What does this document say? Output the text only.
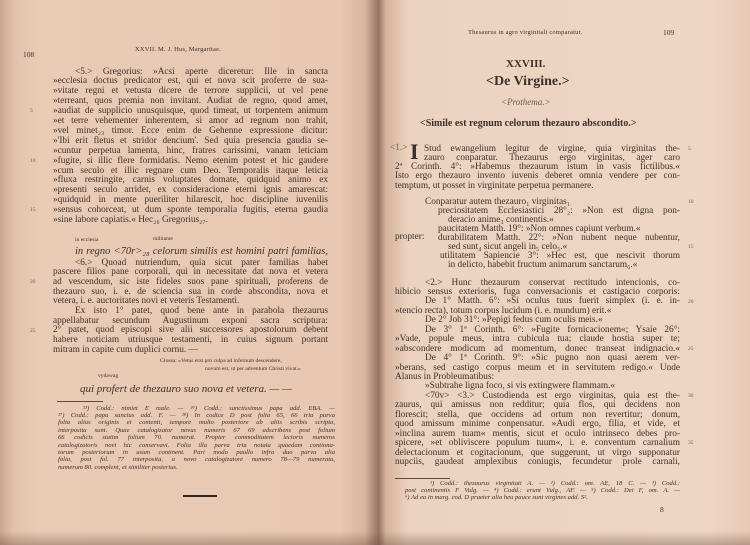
XXVII. M. J. Hus, Margaritae.
108
<5.> Gregorius: »Acsi aperte diceretur: Ille in sancta
»ecclesia doctus predicator est, qui et nova scit proferre de sua-
»vitate regni et vetusta dicere de terrore supplicii, ut vel pene
»terreant, quos premia non invitant. Audiat de regno, quod amet,
»audiat de supplicio unusquisque, quod timeat, ut torpentem animum
»et terre vehementer inherentem, si amor ad regnum non trahit,
»vel minet₂₃ timor. Ecce enim de Gehenne expressione dicitur:
»'Ibi erit fletus et stridor dencium'. Sed quia presencia gaudia se-
»cuntur perpetua lamenta, hinc, fratres carissimi, vanam leticiam
»fugite, si illic flere formidatis. Nemo etenim potest et hic gaudere
»cum seculo et illic regnare cum Deo. Temporalis itaque leticia
»fluxa restringite, carnis voluptates domate, quidquid animo ex
»presenti seculo arridet, ex consideracione eterni ignis amarescat:
»quidquid in mente pueriliter hilarescit, hoc discipline iuvenilis
»sensus cohorceat, ut dum sponte temporalia fugitis, eterna gaudia
»sine labore capiatis.« Hec₂₆ Gregorius₂₇.
in ecclesia	militante
in regno <70r>₂₈ celorum similis est homini patri familias,
<6.> Quoad nutriendum, quia sicut pater familias habet
pascere filios pane corporali, qui in necessitate dat nova et vetera
ad vescendum, sic iste fideles suos pane spirituali, proferens de
thezauro suo, i. e. de sciencia sua in corde abscondita, nova et
vetera, i. e. auctoritates novi et veteris Testamenti.
Ex isto 1° patet, quod bene ante in parabola thezaurus
appellabatur secundum Augustinum exponi sacra scriptura:
2° patet, quod episcopi sive alii successores apostolorum debent
habere noticiam utriusque testamenti, in cuius signum portant
mitram in capite cum duplici cornu. —
Glossa: »Vetus erat pro culpa ad infernum descendere,
novum est, ut per adventum Christi vivat.«
vydawag
qui profert de thezauro suo nova et vetera. — —
²³) Codd.: nimiet E male. — ²⁶) Codd.: sanctissimus papa add. EBA. —
²⁷) Codd.: papa sanctus add. F. — ²⁸) In codice D post folia 65, 66 tria parva
folia alius originis et contenti, tempore multo posteriore ab aliis scribis scripta,
interposita sunt. Quae catalogizator novus numeris 67 69 adscribens post folium
66 codicis statim folium 70. numerat. Propter commoditatem lectoris numeros
catalogizatoris novi hic conservavi. Folia illa parva tria notata quaedam contiona-
torum posteriorum in usum continent. Pari modo paullo infra duo parva alia
folia, post fol. 77 interposita, a novo catalogizatore numero 78—79 numerata,
numerum 80. complent, et similiter posterius.
5
10
15
20
25
Thesaurus in agro virginitali comparatur.	109
XXVIII.
<De Virgine.>
<Prothema.>
<Simile est regnum celorum thezauro abscondito.>
<1.> I
propter:
8
Stud ewangelium legitur de virgine, quia virginitas the-
zauro conparatur. Thezaurus ergo virginitas, ager caro
2ª Corinth. 4°: »Habemus thezaurum istum in vasis fictilibus.«
Isto ergo thezauro invento iuvenis deberet omnia vendere per con-
temptum, ut posset in virginitate perpetua permanere.
Conparatur autem thezauro₁ virginitas₁
preciositatem Ecclesiastici 28°₂: »Non est digna pon-
deracio anime₃ continentis.«
paucitatem Matth. 19°: »Non omnes capiunt verbum.«
durabilitatem Matth. 22°: »Non nubent neque nubentur,
sed sunt₄ sicut angeli in₅ celo₅.«
utilitatem Sapiencie 3°: »Hec est, que nescivit thorum
in delicto, habebit fructum animarum sanctarum₆.«
<2.> Hunc thezaurum conservat rectitudo intencionis, co-
hibicio sensus exterioris, fuga conversacionis et castigacio corporis:
De 1° Matth. 6°: »Si oculus tuus fuerit simplex (i. e. in-
»tencio recta), totum corpus lucidum (i. e. mundum) erit.«
De 2° Job 31°: »Pepigi fedus cum oculis meis.«
De 3° 1ª Corinth. 6°: »Fugite fornicacionem«; Ysaie 26°:
»Vade, popule meus, intra cubicula tua; claude hostia super te;
»abscondere modicum ad momentum, donec transeat indignacio.«
De 4° 1ª Corinth. 9°: »Sic pugno non quasi aerem ver-
»berans, sed castigo corpus meum et in servitutem redigo.« Unde
Alanus in Probleumatibus:
»Subtrahe ligna foco, si vis extingwere flammam.«
<70v> <3.> Custodienda est ergo virginitas, quia est the-
zaurus, qui amissus non redditur; quia flos, qui decidens non
florescit; stella, que occidens ad ortum non revertitur; donum,
quod amissum minime conpensatur. »Audi ergo, filia, et vide, et
»inclina aurem tuam« mentis, sicut et oculo intrinseco debes pro-
spicere, »et obliviscere populum tuum«, i. e. conventum carnalium
delectacionum et cogitacionum, que suggerunt, ut virgo supponatur
nupciis, gaudeat amplexibus coniugis, fecundetur prole carnali,
¹) Codd.: thezaurus virginitati A. — ²) Codd.: om. AE, 18 C. — ³) Codd.:
post continentis F Vulg. — ⁴) Codd.: erunt Vulg., AF. — ⁵) Codd.: Dei F, om. A. —
⁶) Ad ea in marg. cod. D praeter alia heu pauce sunt virgines add. S².
5
10
15
20
25
30
35
